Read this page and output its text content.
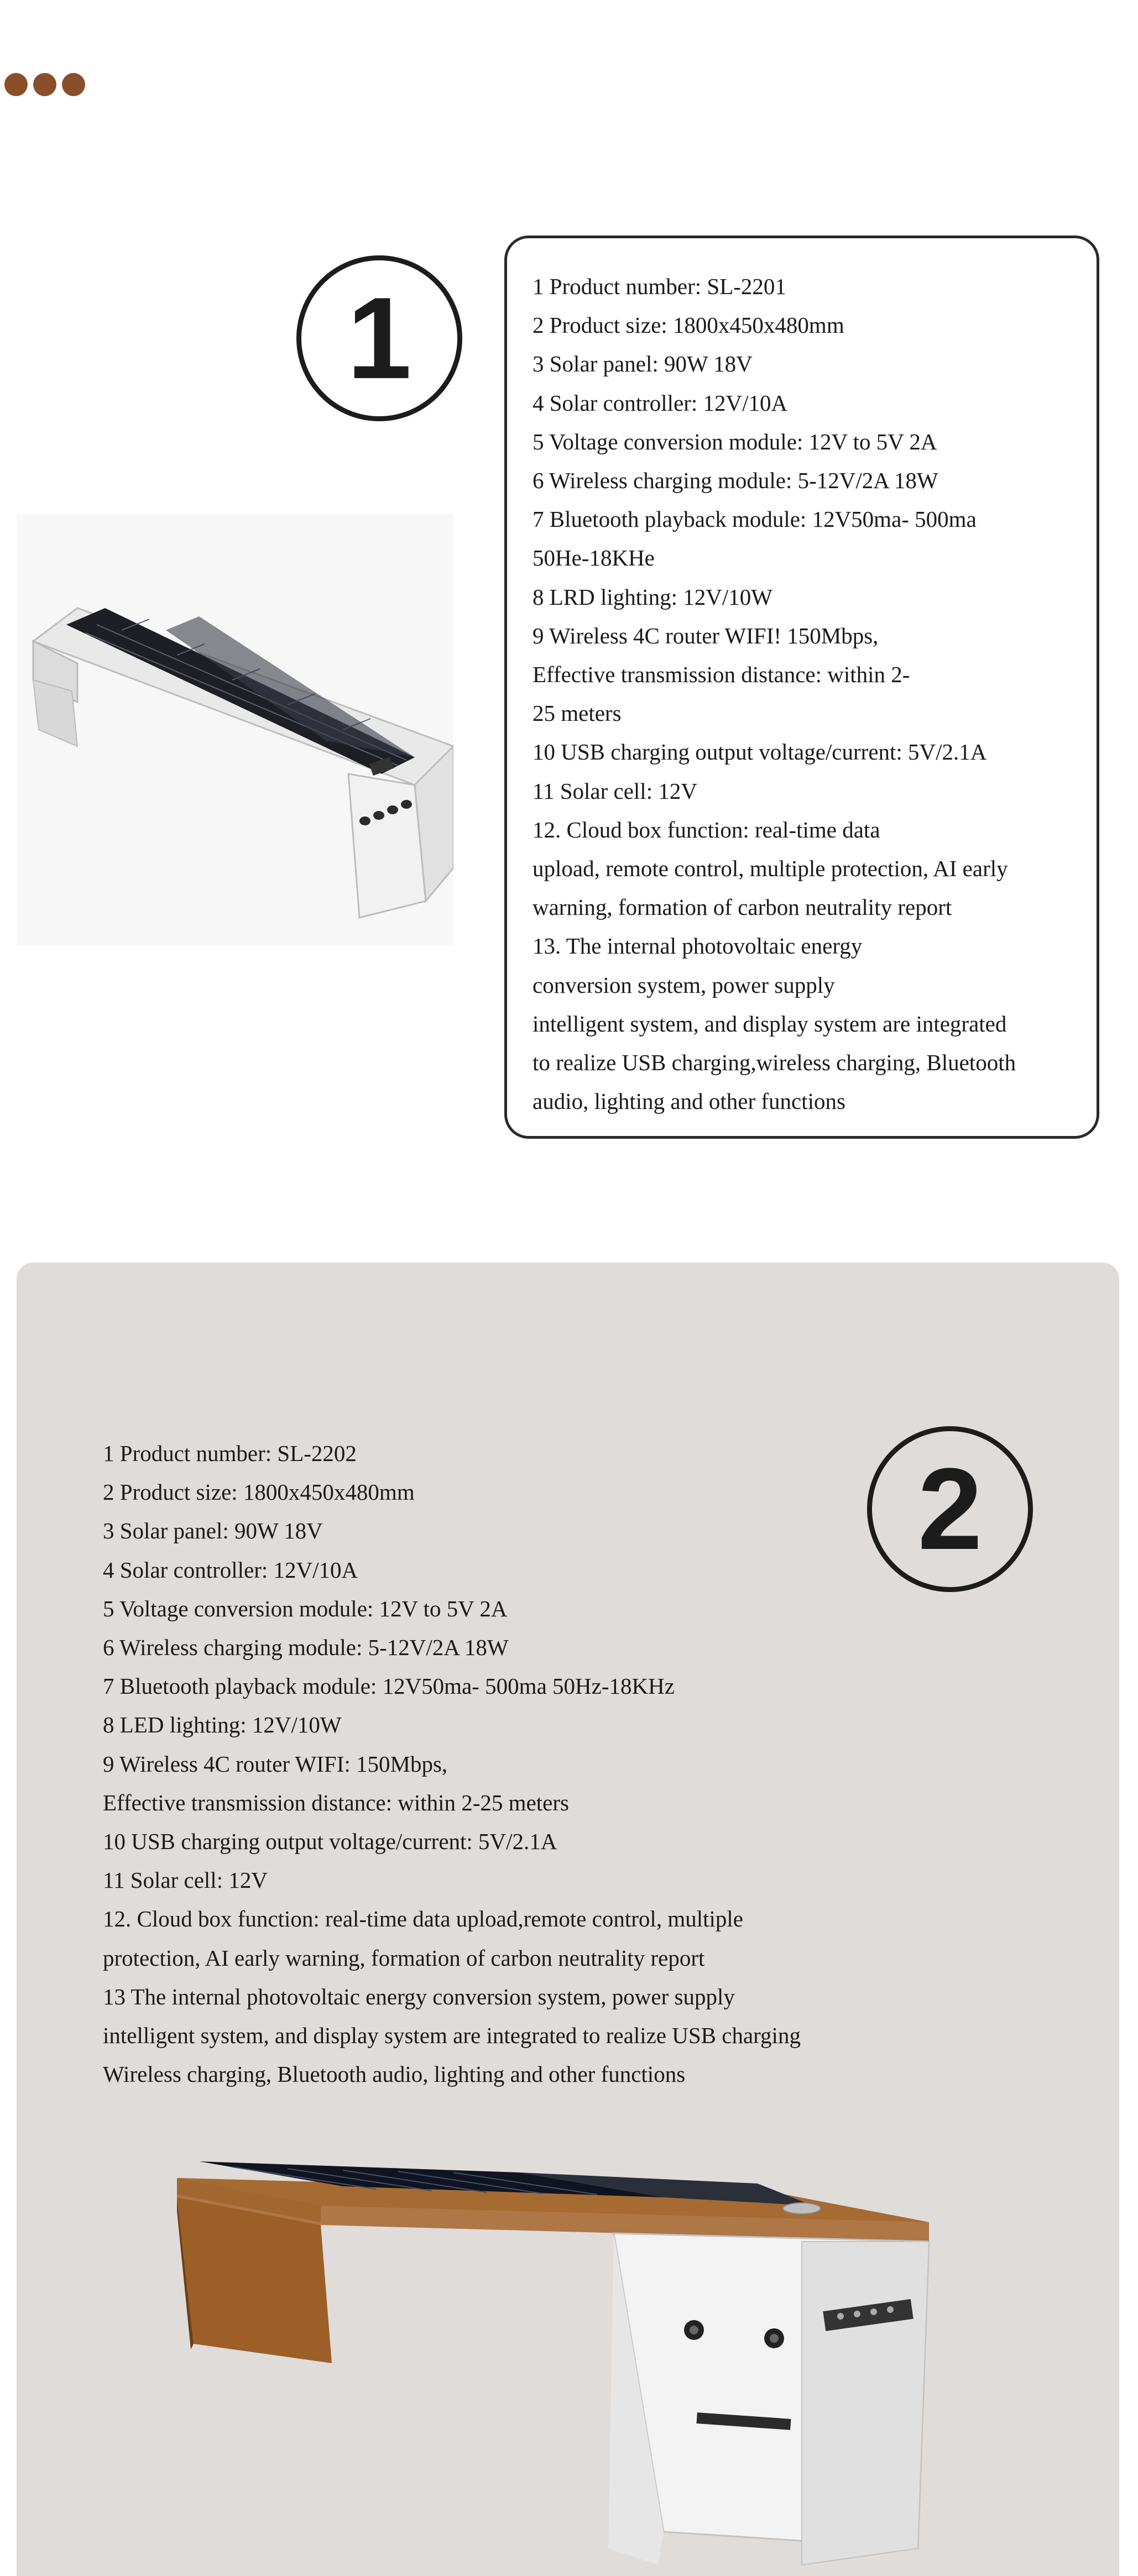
1	1 Product number: SL-2201
2 Product size: 1800x450x480mm
3 Solar panel: 90W 18V
4 Solar controller: 12V/10A
5 Voltage conversion module: 12V to 5V 2A
6 Wireless charging module: 5-12V/2A 18W
7 Bluetooth playback module: 12V50ma- 500ma
50He-18KHe
8 LRD lighting: 12V/10W
9 Wireless 4C router WIFI! 150Mbps,
Effective transmission distance: within 2-
25 meters
10 USB charging output voltage/current: 5V/2.1A
11 Solar cell: 12V
12. Cloud box function: real-time data
upload, remote control, multiple protection, AI early
warning, formation of carbon neutrality report
13. The internal photovoltaic energy
conversion system, power supply
intelligent system, and display system are integrated
to realize USB charging,wireless charging, Bluetooth
audio, lighting and other functions
1 Product number: SL-2202
2 Product size: 1800x450x480mm
3 Solar panel: 90W 18V
4 Solar controller: 12V/10A
5 Voltage conversion module: 12V to 5V 2A
6 Wireless charging module: 5-12V/2A 18W
7 Bluetooth playback module: 12V50ma- 500ma 50Hz-18KHz
8 LED lighting: 12V/10W
9 Wireless 4C router WIFI: 150Mbps,
Effective transmission distance: within 2-25 meters
10 USB charging output voltage/current: 5V/2.1A
11 Solar cell: 12V
12. Cloud box function: real-time data upload,remote control, multiple
protection, AI early warning, formation of carbon neutrality report
13 The internal photovoltaic energy conversion system, power supply
intelligent system, and display system are integrated to realize USB charging
Wireless charging, Bluetooth audio, lighting and other functions
2
